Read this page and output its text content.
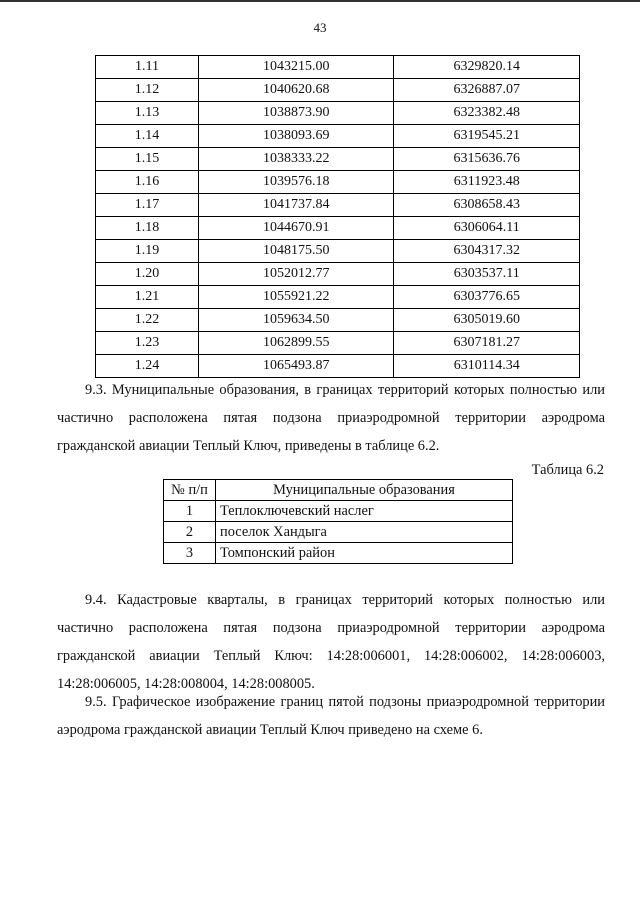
43
1.11	1043215.00	6329820.14
1.12	1040620.68	6326887.07
1.13	1038873.90	6323382.48
1.14	1038093.69	6319545.21
1.15	1038333.22	6315636.76
1.16	1039576.18	6311923.48
1.17	1041737.84	6308658.43
1.18	1044670.91	6306064.11
1.19	1048175.50	6304317.32
1.20	1052012.77	6303537.11
1.21	1055921.22	6303776.65
1.22	1059634.50	6305019.60
1.23	1062899.55	6307181.27
1.24	1065493.87	6310114.34

9.3. Муниципальные образования, в границах территорий которых полностью или частично расположена пятая подзона приаэродромной территории аэродрома гражданской авиации Теплый Ключ, приведены в таблице 6.2.

Таблица 6.2
№ п/п	Муниципальные образования
1	Теплоключевский наслег
2	поселок Хандыга
3	Томпонский район

9.4. Кадастровые кварталы, в границах территорий которых полностью или частично расположена пятая подзона приаэродромной территории аэродрома гражданской авиации Теплый Ключ: 14:28:006001, 14:28:006002, 14:28:006003, 14:28:006005, 14:28:008004, 14:28:008005.

9.5. Графическое изображение границ пятой подзоны приаэродромной территории аэродрома гражданской авиации Теплый Ключ приведено на схеме 6.
